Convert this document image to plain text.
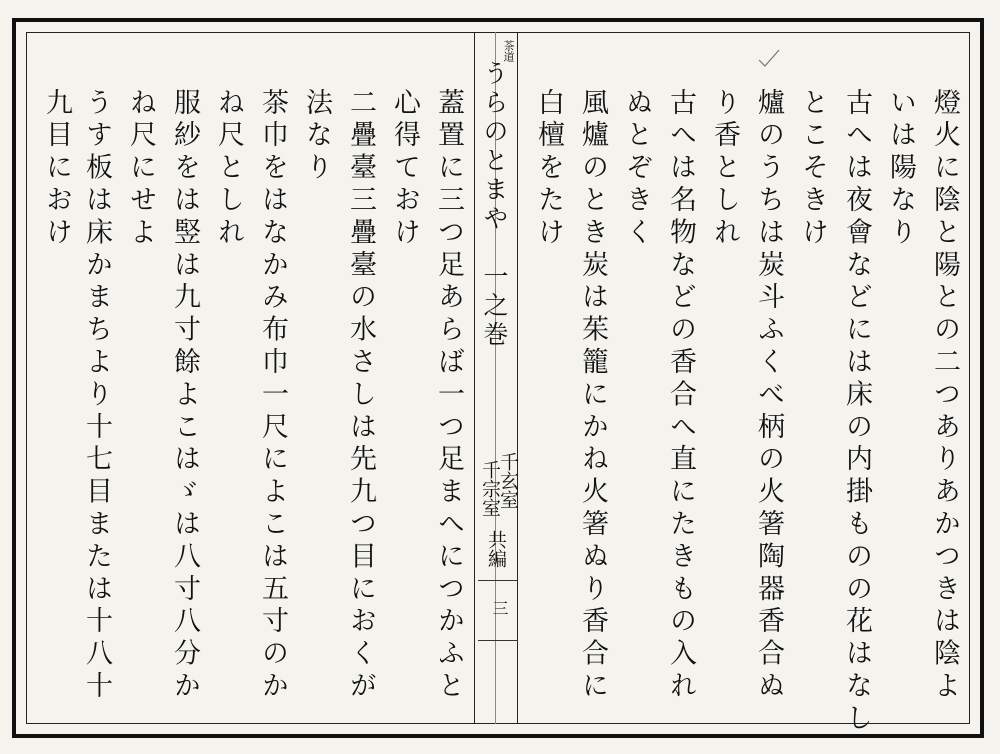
茶道
うらのとまや　一之巻
千玄室
千宗室
共編
三	燈火に陰と陽との二つありあかつきは陰よ
いは陽なり
古へは夜會などには床の内掛ものの花はなし
とこそきけ
爐のうちは炭斗ふくべ柄の火箸陶器香合ぬ
り香としれ
古へは名物などの香合へ直にたきもの入れ
ぬとぞきく
風爐のとき炭は茱籠にかね火箸ぬり香合に
白檀をたけ
蓋置に三つ足あらば一つ足まへにつかふと
心得ておけ
二疊臺三疊臺の水さしは先九つ目におくが
法なり
茶巾をはなかみ布巾一尺によこは五寸のか
ね尺としれ
服紗をは竪は九寸餘よこはゞは八寸八分か
ね尺にせよ
うす板は床かまちより十七目または十八十
九目におけ
